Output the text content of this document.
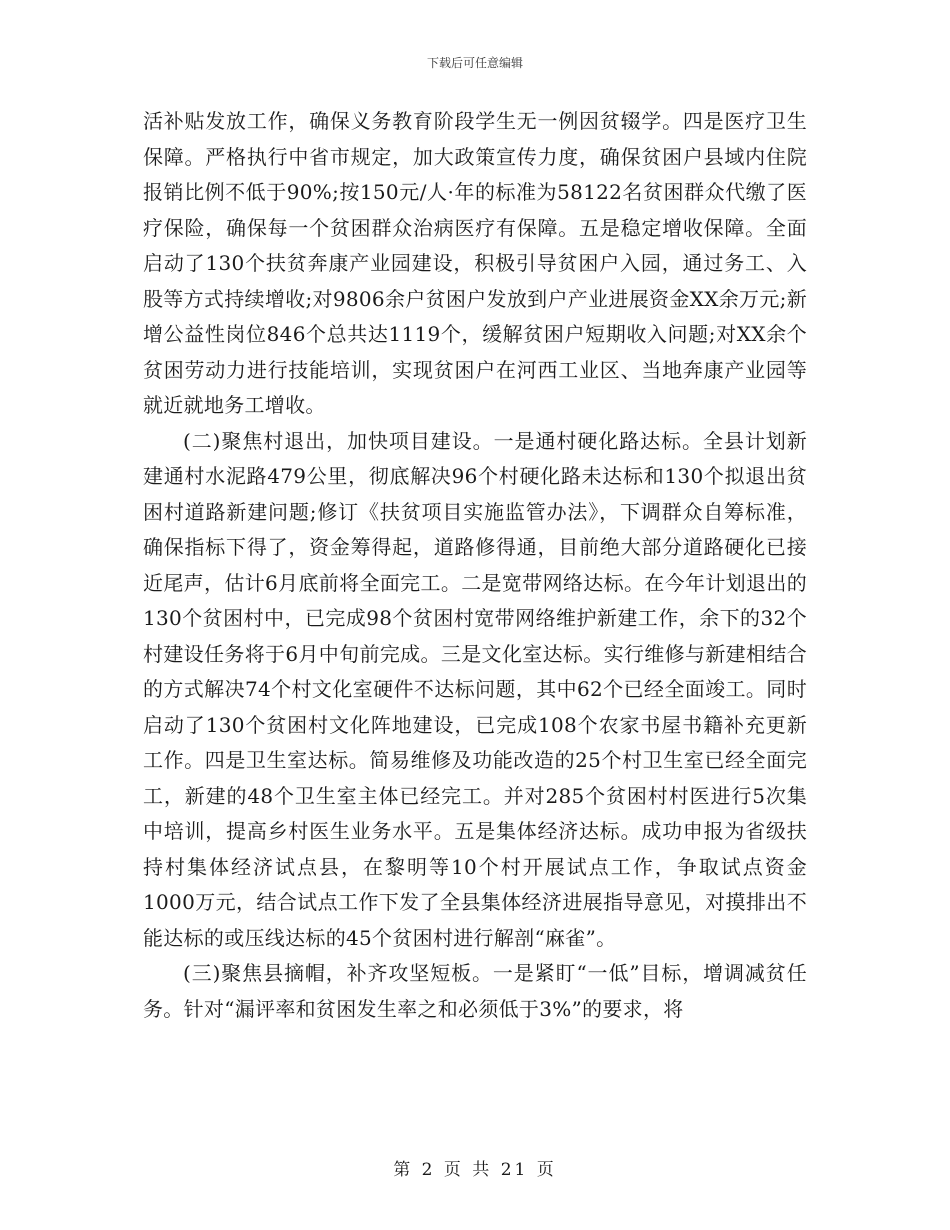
下载后可任意编辑

活补贴发放工作，确保义务教育阶段学生无一例因贫辍学。四是医疗卫生保障。严格执行中省市规定，加大政策宣传力度，确保贫困户县域内住院报销比例不低于90%;按150元/人·年的标准为58122名贫困群众代缴了医疗保险，确保每一个贫困群众治病医疗有保障。五是稳定增收保障。全面启动了130个扶贫奔康产业园建设，积极引导贫困户入园，通过务工、入股等方式持续增收;对9806余户贫困户发放到户产业进展资金XX余万元;新增公益性岗位846个总共达1119个，缓解贫困户短期收入问题;对XX余个贫困劳动力进行技能培训，实现贫困户在河西工业区、当地奔康产业园等就近就地务工增收。

(二)聚焦村退出，加快项目建设。一是通村硬化路达标。全县计划新建通村水泥路479公里，彻底解决96个村硬化路未达标和130个拟退出贫困村道路新建问题;修订《扶贫项目实施监管办法》，下调群众自筹标准，确保指标下得了，资金筹得起，道路修得通，目前绝大部分道路硬化已接近尾声，估计6月底前将全面完工。二是宽带网络达标。在今年计划退出的130个贫困村中，已完成98个贫困村宽带网络维护新建工作，余下的32个村建设任务将于6月中旬前完成。三是文化室达标。实行维修与新建相结合的方式解决74个村文化室硬件不达标问题，其中62个已经全面竣工。同时启动了130个贫困村文化阵地建设，已完成108个农家书屋书籍补充更新工作。四是卫生室达标。简易维修及功能改造的25个村卫生室已经全面完工，新建的48个卫生室主体已经完工。并对285个贫困村村医进行5次集中培训，提高乡村医生业务水平。五是集体经济达标。成功申报为省级扶持村集体经济试点县，在黎明等10个村开展试点工作，争取试点资金1000万元，结合试点工作下发了全县集体经济进展指导意见，对摸排出不能达标的或压线达标的45个贫困村进行解剖“麻雀”。

(三)聚焦县摘帽，补齐攻坚短板。一是紧盯“一低”目标，增调减贫任务。针对“漏评率和贫困发生率之和必须低于3%”的要求，将

第 2 页 共 21 页
